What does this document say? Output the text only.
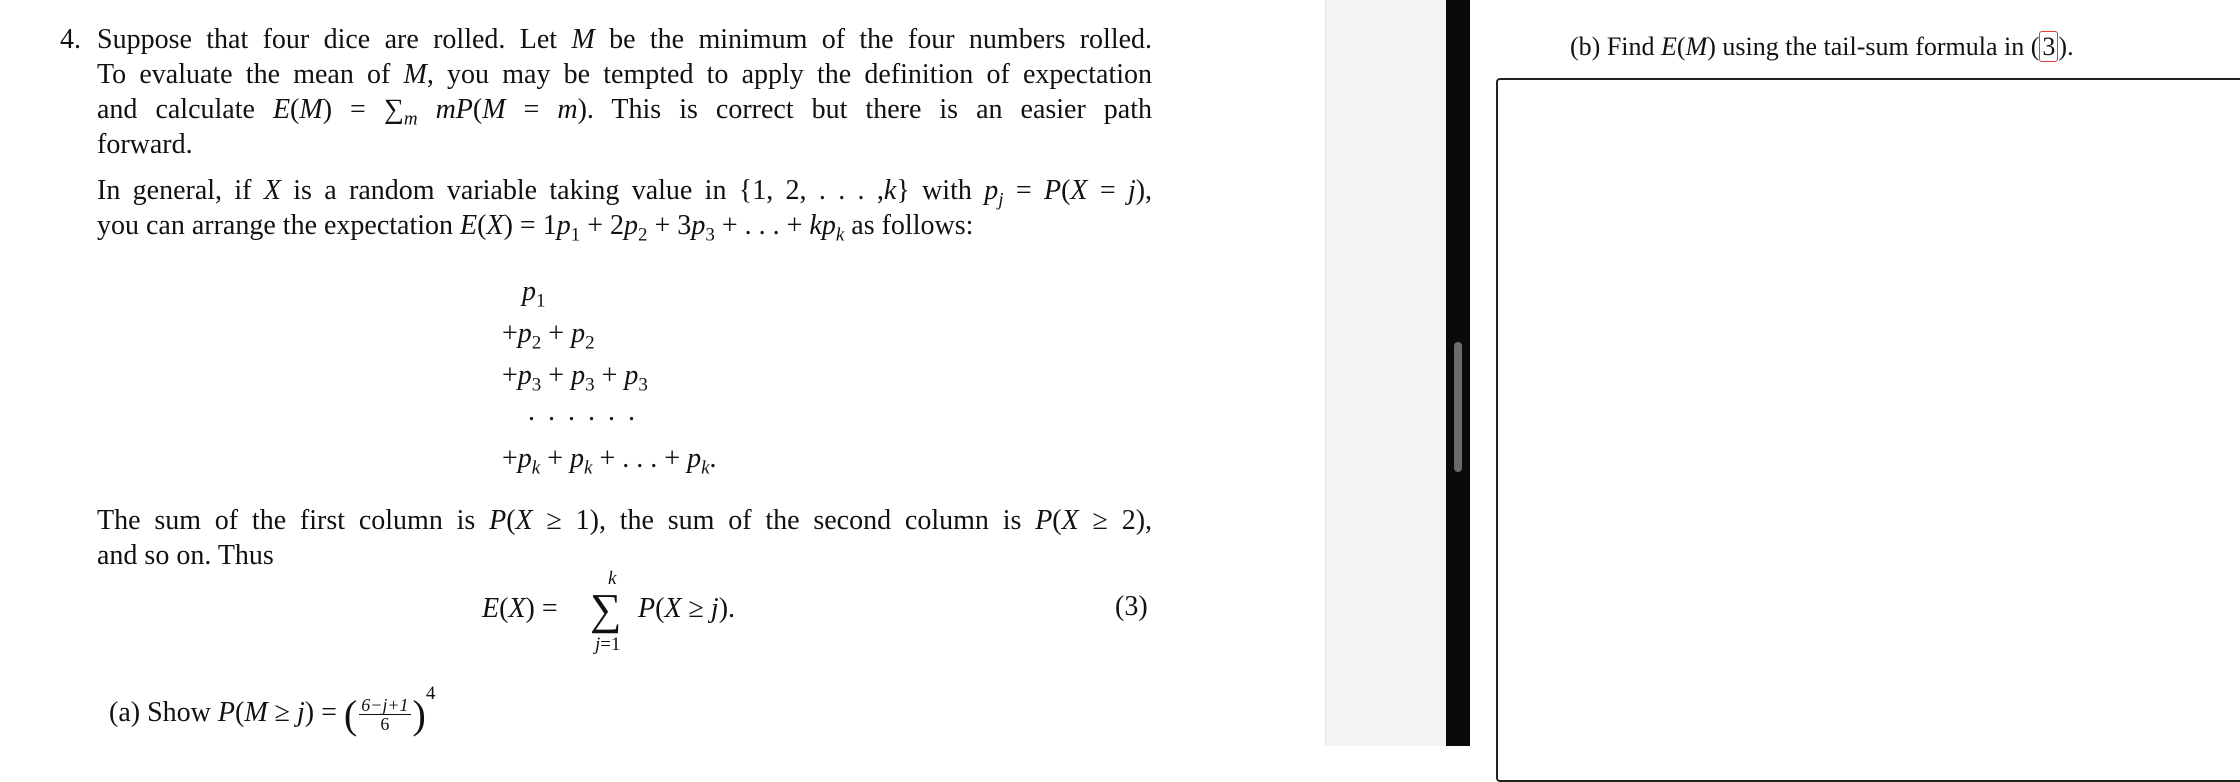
4. Suppose that four dice are rolled. Let M be the minimum of the four numbers rolled.
To evaluate the mean of M, you may be tempted to apply the definition of expectation
and calculate $E(M) = \sum_m$ mP(M = m). This is correct but there is an easier path
forward.
In general, if X is a random variable taking value in {1, 2, . . . ,k} with $p_j = P(X = j)$,
you can arrange the expectation $E(X) = 1p_1 + 2p_2 + 3p_3$ + . . . + $kp_k$ as follows:
$p_1$
$+p_2 + p_2$
$+p_3 + p_3 + p_3$
. . . . . .
$+p_k + p_k$ + . . . + $p_k$.
The sum of the first column is P(X ≥ 1), the sum of the second column is P(X ≥ 2),
and so on. Thus
E(X) =
k
∑
j=1
P(X ≥ j).	(3)
(a) Show P(M ≥ j) = ( $\frac{6-j+1}{6} )^4$
(b) Find E(M) using the tail-sum formula in ( 3 ).
